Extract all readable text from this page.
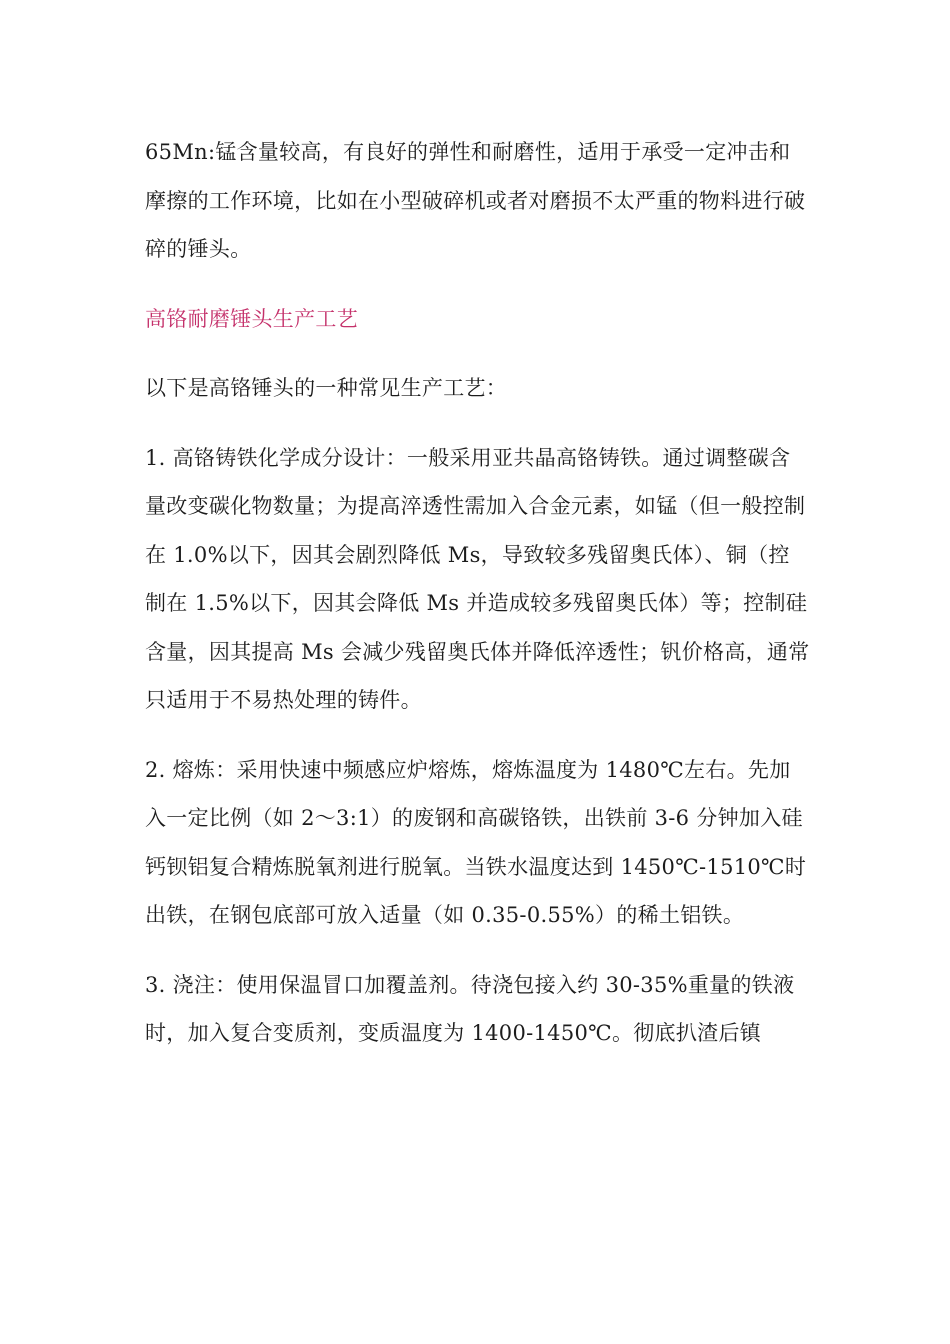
65Mn:锰含量较高，有良好的弹性和耐磨性，适用于承受一定冲击和摩擦的工作环境，比如在小型破碎机或者对磨损不太严重的物料进行破碎的锤头。

高铬耐磨锤头生产工艺

以下是高铬锤头的一种常见生产工艺：

1. 高铬铸铁化学成分设计：一般采用亚共晶高铬铸铁。通过调整碳含量改变碳化物数量；为提高淬透性需加入合金元素，如锰（但一般控制在 1.0%以下，因其会剧烈降低 Ms，导致较多残留奥氏体）、铜（控制在 1.5%以下，因其会降低 Ms 并造成较多残留奥氏体）等；控制硅含量，因其提高 Ms 会减少残留奥氏体并降低淬透性；钒价格高，通常只适用于不易热处理的铸件。

2. 熔炼：采用快速中频感应炉熔炼，熔炼温度为 1480℃左右。先加入一定比例（如 2～3:1）的废钢和高碳铬铁，出铁前 3-6 分钟加入硅钙钡铝复合精炼脱氧剂进行脱氧。当铁水温度达到 1450℃-1510℃时出铁，在钢包底部可放入适量（如 0.35-0.55%）的稀土铝铁。

3. 浇注：使用保温冒口加覆盖剂。待浇包接入约 30-35%重量的铁液时，加入复合变质剂，变质温度为 1400-1450℃。彻底扒渣后镇
